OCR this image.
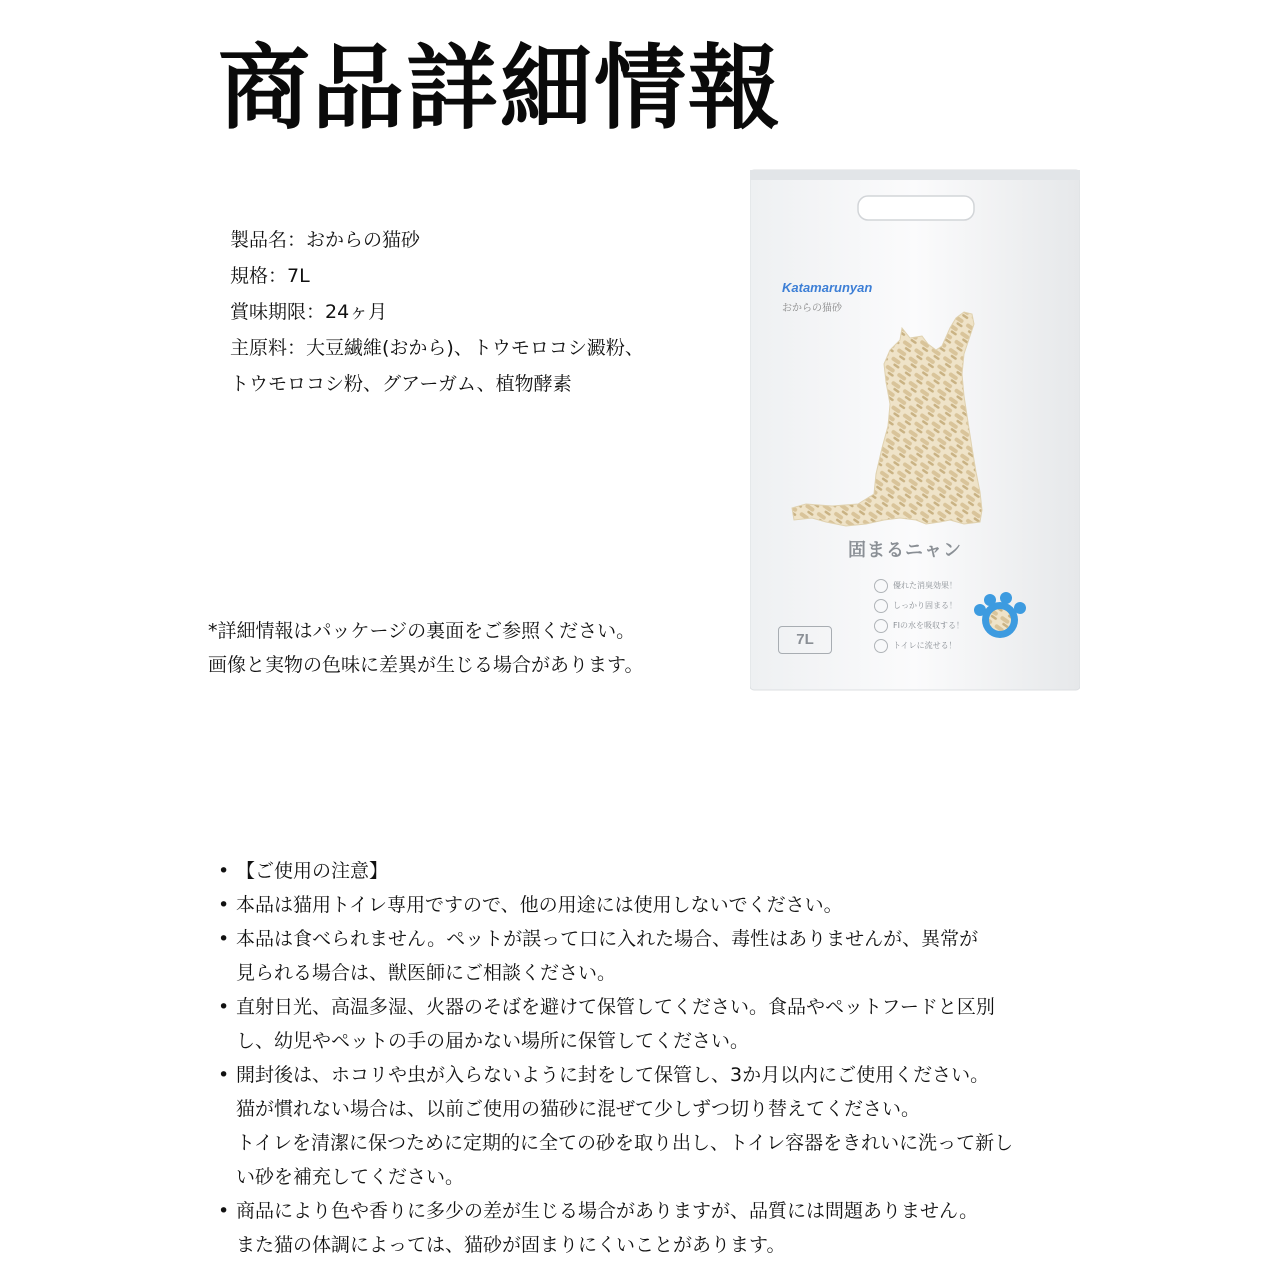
商品詳細情報
製品名：おからの猫砂
規格：7L
賞味期限：24ヶ月
主原料：大豆繊維(おから)、トウモロコシ澱粉、
トウモロコシ粉、グアーガム、植物酵素
*詳細情報はパッケージの裏面をご参照ください。
画像と実物の色味に差異が生じる場合があります。
Katamarunyan
おからの猫砂
固まるニャン
優れた消臭効果！
しっかり固まる！
FIの水を吸収する！
トイレに流せる！
7L
• 【ご使用の注意】
• 本品は猫用トイレ専用ですので、他の用途には使用しないでください。
• 本品は食べられません。ペットが誤って口に入れた場合、毒性はありませんが、異常が
見られる場合は、獣医師にご相談ください。
• 直射日光、高温多湿、火器のそばを避けて保管してください。食品やペットフードと区別
し、幼児やペットの手の届かない場所に保管してください。
• 開封後は、ホコリや虫が入らないように封をして保管し、3か月以内にご使用ください。
猫が慣れない場合は、以前ご使用の猫砂に混ぜて少しずつ切り替えてください。
トイレを清潔に保つために定期的に全ての砂を取り出し、トイレ容器をきれいに洗って新し
い砂を補充してください。
• 商品により色や香りに多少の差が生じる場合がありますが、品質には問題ありません。
また猫の体調によっては、猫砂が固まりにくいことがあります。
